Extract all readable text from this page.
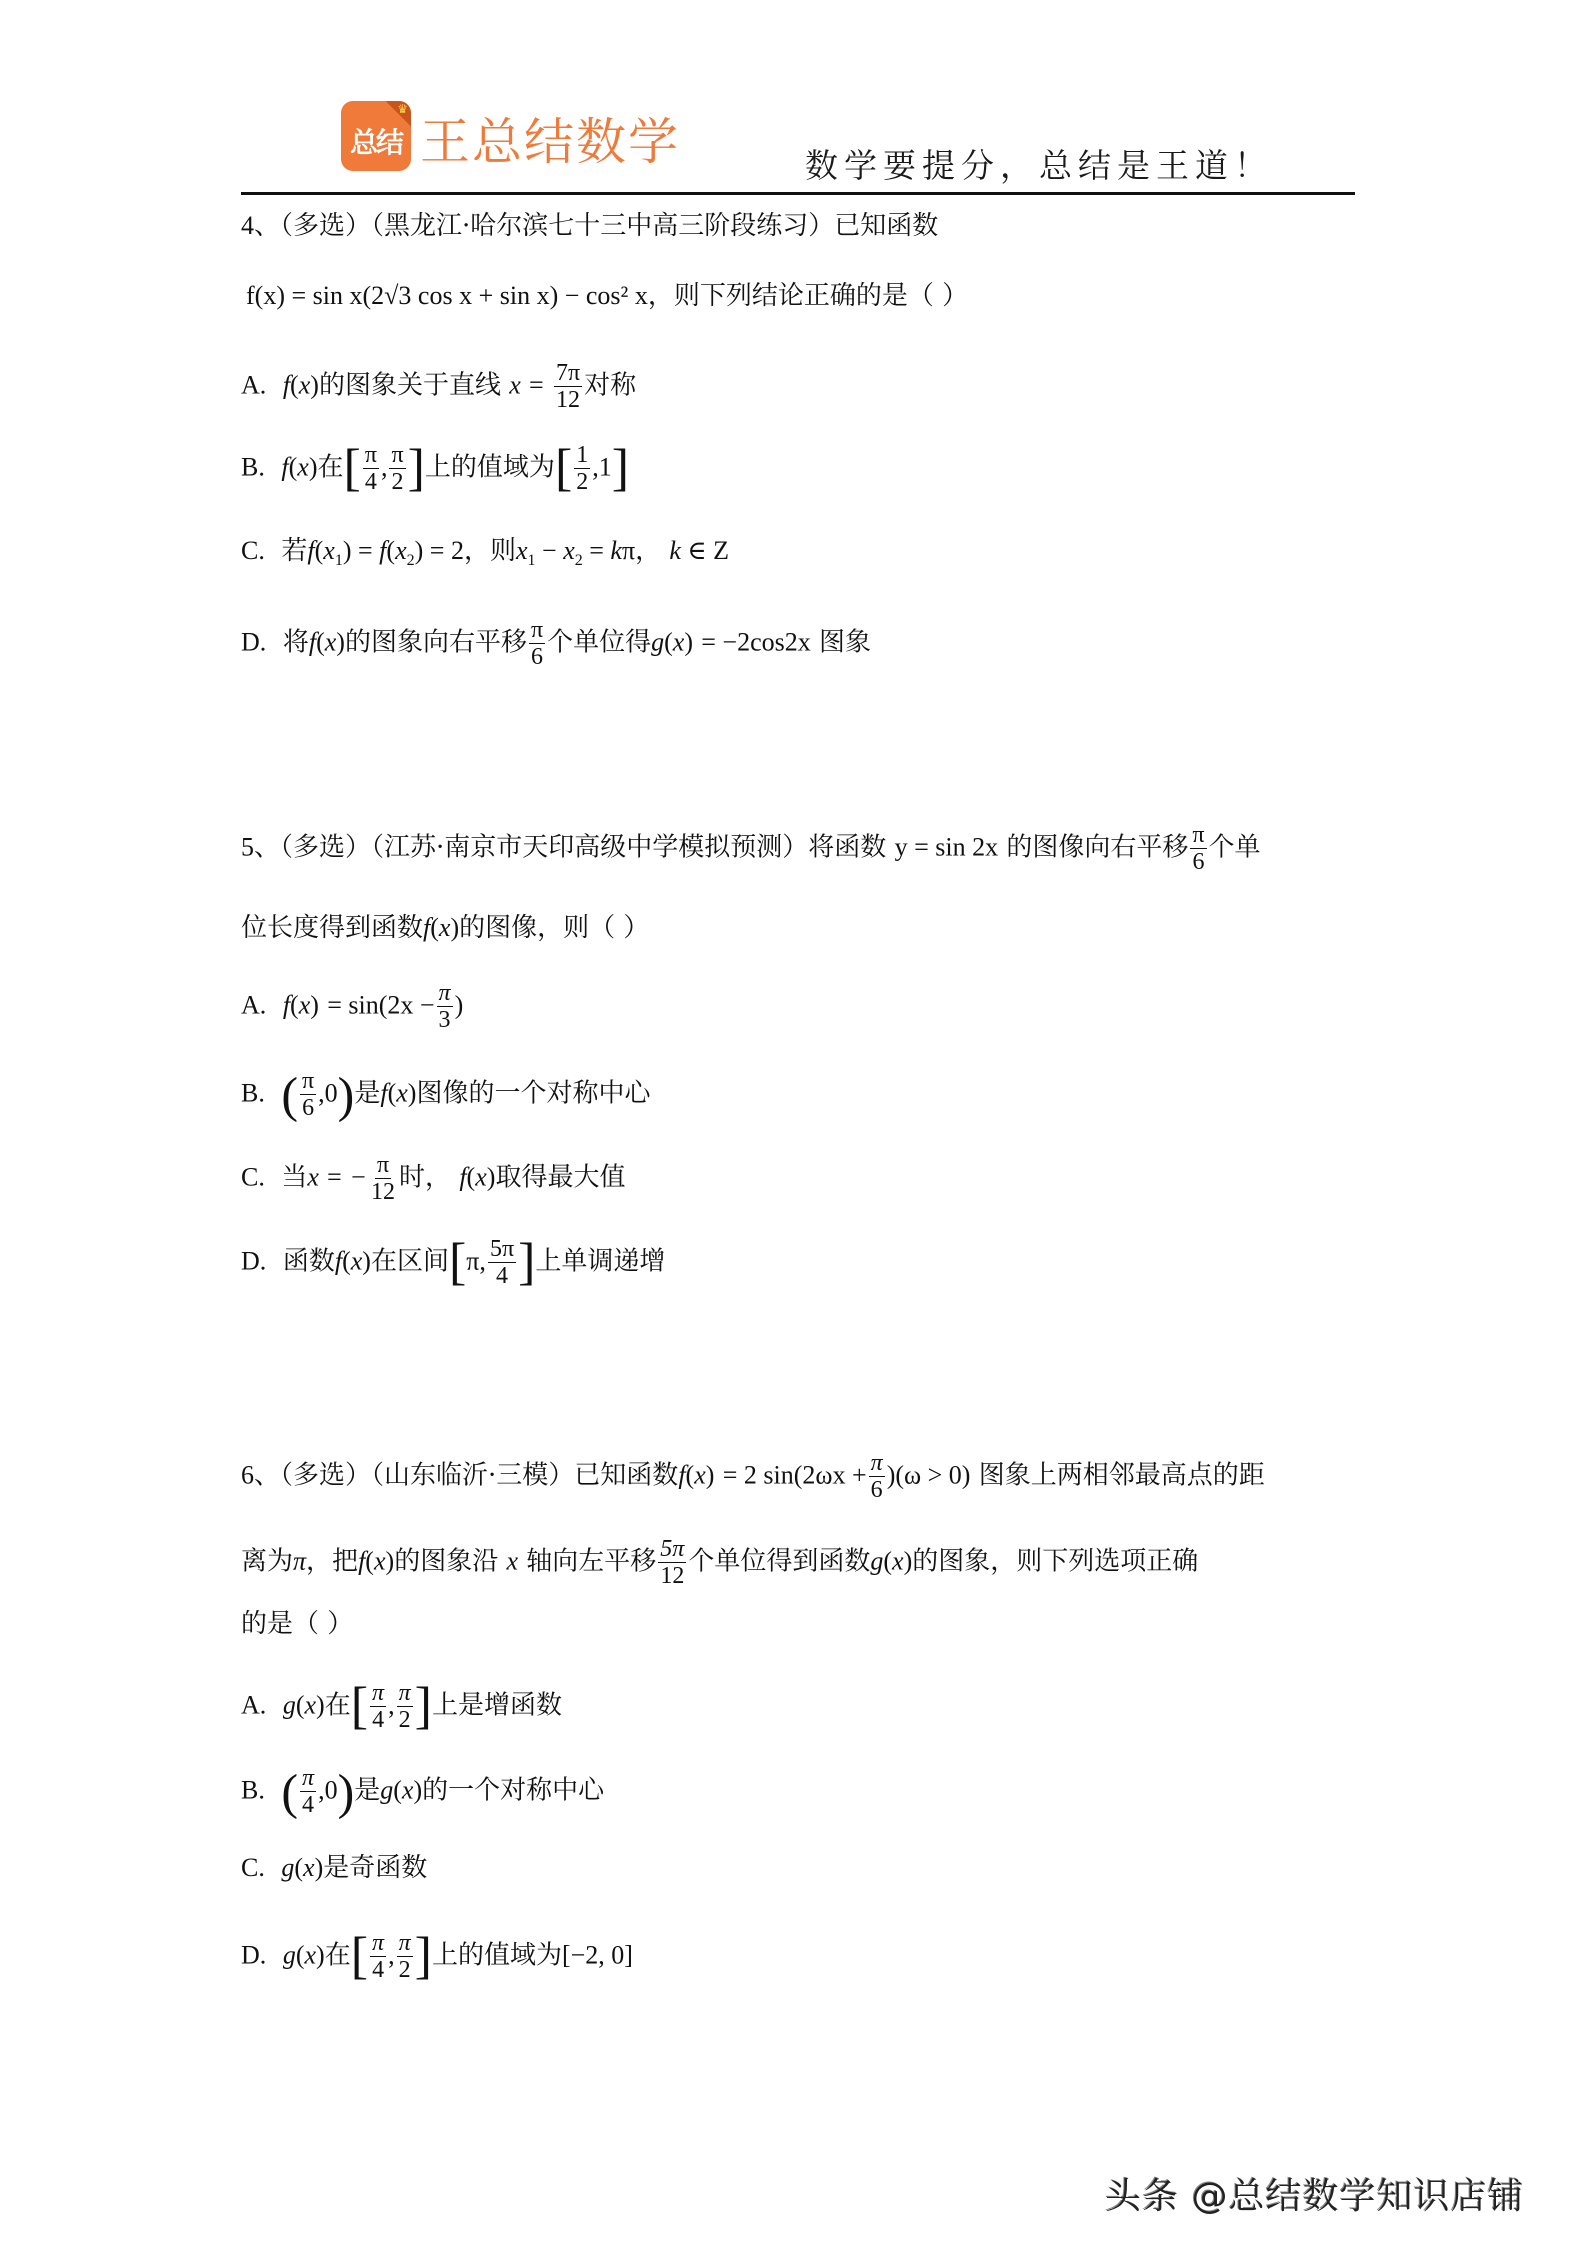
♛
总结 王总结数学	数学要提分，总结是王道！
4、（多选）（黑龙江·哈尔滨七十三中高三阶段练习）已知函数
f(x) = sin x(2√3 cos x + sin x) − cos² x，则下列结论正确的是（ ）
A. f(x)的图象关于直线 $x = \frac{7\pi}{12}$ 对称
B. f(x)在[ $\frac{\pi}{4}$ , $\frac{\pi}{2}$ ]上的值域为[ $\frac{1}{2} ,1$]
C. 若$f(x_1) = f(x_2) = 2$，则$x_1 - x_2 = k\pi$， k ∈ Z
D. 将f(x)的图象向右平移 $\frac{\pi}{6}$ 个单位得g(x) = −2cos2x 图象
5、（多选）（江苏·南京市天印高级中学模拟预测）将函数 y = sin 2x 的图像向右平移 $\frac{\pi}{6}$ 个单
位长度得到函数f(x)的图像，则（ ）
A. $f(x) = \sin(2x - \frac{\pi}{3}$ )
B. ( $\frac{\pi}{6} ,0$)是f(x)图像的一个对称中心
C. 当x = − $\frac{\pi}{12}$ 时， f(x)取得最大值
D. 函数f(x)在区间[π, $\frac{5\pi}{4}$ ]上单调递增
6、（多选）（山东临沂·三模）已知函数f(x) = 2 $\sin(2\omega x + \frac{\pi}{6} )(\omega > 0)$ 图象上两相邻最高点的距
离为π，把f(x)的图象沿 x 轴向左平移 $\frac{5\pi}{12}$ 个单位得到函数g(x)的图象，则下列选项正确
的是（ ）
A. g(x)在[ $\frac{\pi}{4}$ , $\frac{\pi}{2}$ ]上是增函数
B. ( $\frac{\pi}{4} ,0$)是g(x)的一个对称中心
C. g(x)是奇函数
D. g(x)在[ $\frac{\pi}{4}$ , $\frac{\pi}{2}$ ]上的值域为[−2, 0]
头条 @总结数学知识店铺
